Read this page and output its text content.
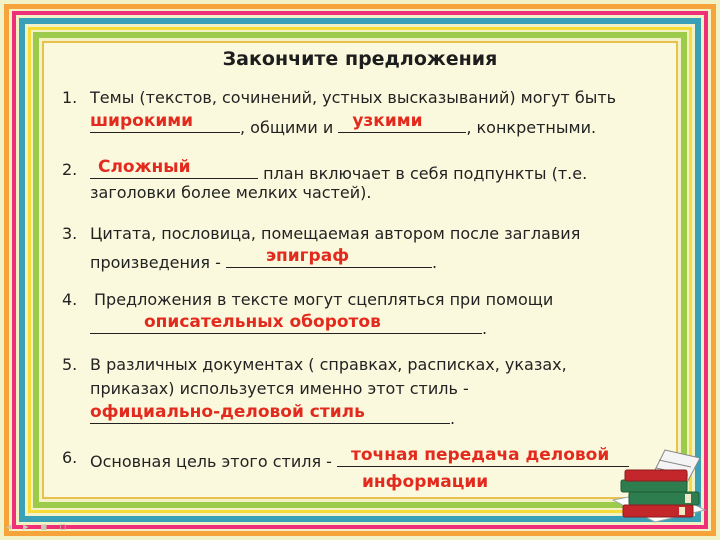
Закончите предложения
1. Темы (текстов, сочинений, устных высказываний) могут быть
широкими	, общими и узкими	, конкретными.
2. Сложный	план включает в себя подпункты (т.е.
заголовки более мелких частей).
3. Цитата, пословица, помещаемая автором после заглавия
произведения -	эпиграф	.
4. Предложения в тексте могут сцепляться при помощи
описательных оборотов	.
5. В различных документах ( справках, расписках, указах,
приказах) используется именно этот стиль -
официально-деловой стиль	.
6. Основная цель этого стиля - точная передача деловой
информации
◂ ▸ ▪ ▫
